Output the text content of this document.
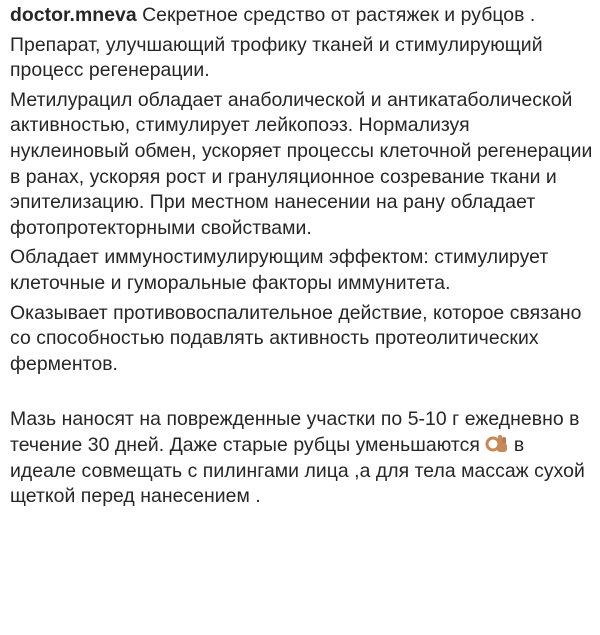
doctor.mneva Секретное средство от растяжек и рубцов .

Препарат, улучшающий трофику тканей и стимулирующий процесс регенерации.

Метилурацил обладает анаболической и антикатаболической активностью, стимулирует лейкопоэз. Нормализуя нуклеиновый обмен, ускоряет процессы клеточной регенерации в ранах, ускоряя рост и грануляционное созревание ткани и эпителизацию. При местном нанесении на рану обладает фотопротекторными свойствами.

Обладает иммуностимулирующим эффектом: стимулирует клеточные и гуморальные факторы иммунитета.

Оказывает противовоспалительное действие, которое связано со способностью подавлять активность протеолитических ферментов.

Мазь наносят на поврежденные участки по 5-10 г ежедневно в течение 30 дней. Даже старые рубцы уменьшаются в идеале совмещать с пилингами лица ,а для тела массаж сухой щеткой перед нанесением .
